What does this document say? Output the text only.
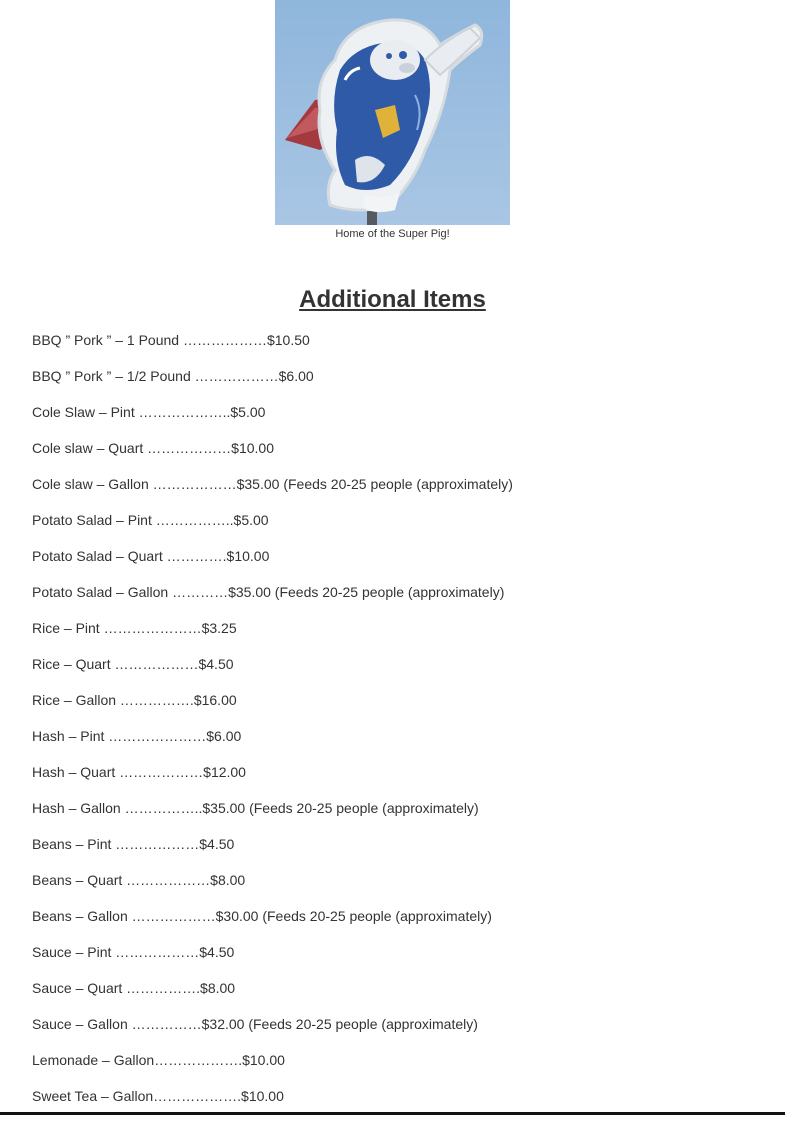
Home of the Super Pig!
Additional Items
BBQ ” Pork ” – 1 Pound ………………$10.50
BBQ ” Pork ” – 1/2 Pound ………………$6.00
Cole Slaw – Pint ………………..$5.00
Cole slaw – Quart ………………$10.00
Cole slaw – Gallon ………………$35.00 (Feeds 20-25 people (approximately)
Potato Salad – Pint ……………..$5.00
Potato Salad – Quart ………….$10.00
Potato Salad – Gallon …………$35.00 (Feeds 20-25 people (approximately)
Rice – Pint …………………$3.25
Rice – Quart ………………$4.50
Rice – Gallon …………….$16.00
Hash – Pint …………………$6.00
Hash – Quart ………………$12.00
Hash – Gallon ……………..$35.00 (Feeds 20-25 people (approximately)
Beans – Pint ………………$4.50
Beans – Quart ………………$8.00
Beans – Gallon ………………$30.00 (Feeds 20-25 people (approximately)
Sauce – Pint ………………$4.50
Sauce – Quart …………….$8.00
Sauce – Gallon ……………$32.00 (Feeds 20-25 people (approximately)
Lemonade – Gallon……………….$10.00
Sweet Tea – Gallon……………….$10.00
